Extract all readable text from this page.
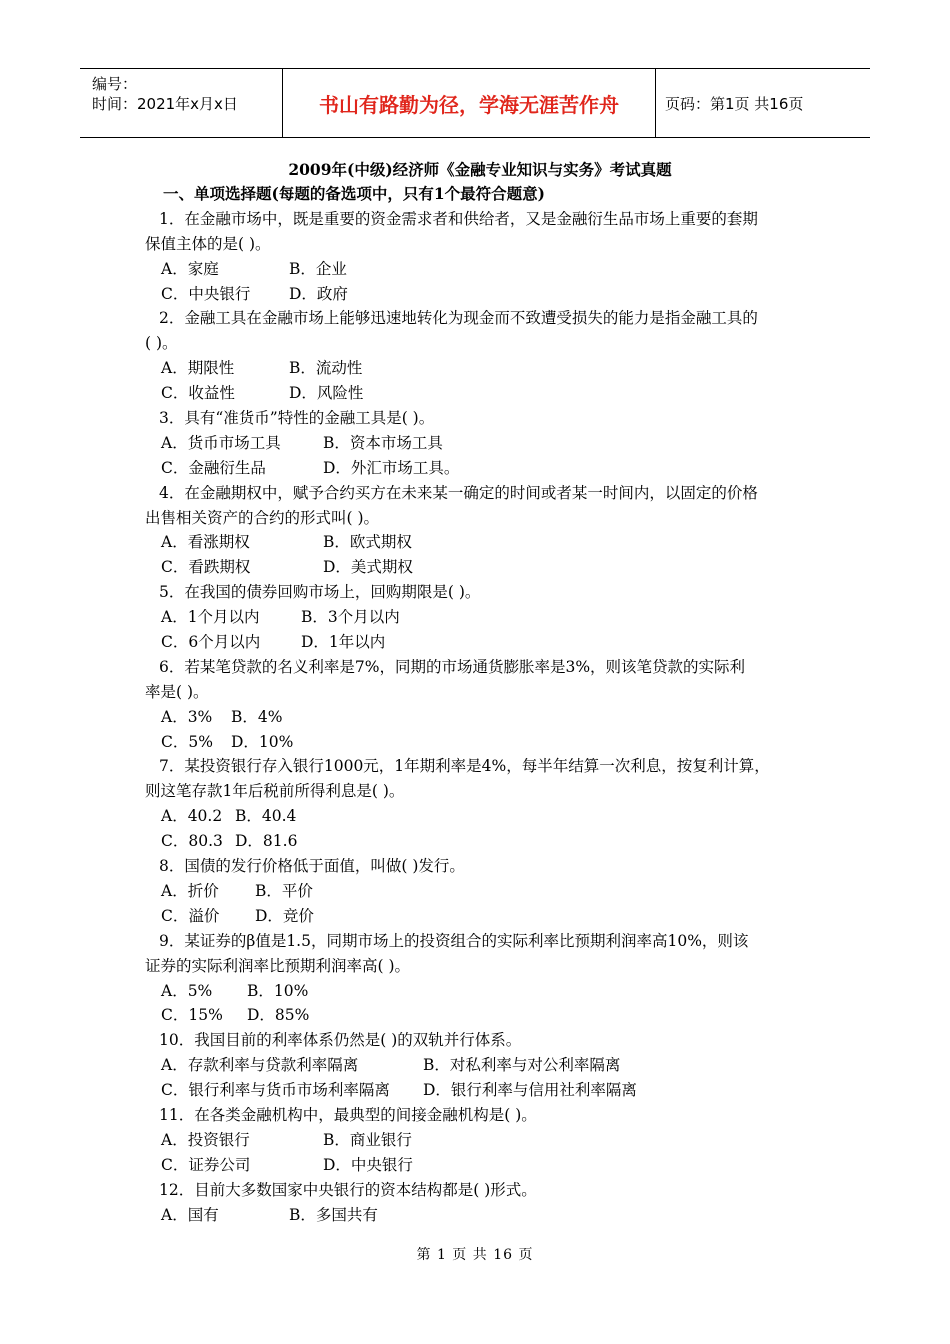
编号：
时间：2021年x月x日	书山有路勤为径，学海无涯苦作舟	页码：第1页 共16页
2009年(中级)经济师《金融专业知识与实务》考试真题
一、单项选择题(每题的备选项中，只有1个最符合题意)
1．在金融市场中，既是重要的资金需求者和供给者，又是金融衍生品市场上重要的套期
保值主体的是( )。
A．家庭	B．企业
C．中央银行 D．政府
2．金融工具在金融市场上能够迅速地转化为现金而不致遭受损失的能力是指金融工具的
( )。
A．期限性	B．流动性
C．收益性	D．风险性
3．具有“准货币”特性的金融工具是( )。
A．货币市场工具	B．资本市场工具
C．金融衍生品	D．外汇市场工具。
4．在金融期权中，赋予合约买方在未来某一确定的时间或者某一时间内，以固定的价格
出售相关资产的合约的形式叫( )。
A．看涨期权	B．欧式期权
C．看跌期权	D．美式期权
5．在我国的债券回购市场上，回购期限是( )。
A．1个月以内	B．3个月以内
C．6个月以内	D．1年以内
6．若某笔贷款的名义利率是7%，同期的市场通货膨胀率是3%，则该笔贷款的实际利
率是( )。
A．3% B．4%
C．5% D．10%
7．某投资银行存入银行1000元，1年期利率是4%，每半年结算一次利息，按复利计算，
则这笔存款1年后税前所得利息是( )。
A．40.2 B．40.4
C．80.3 D．81.6
8．国债的发行价格低于面值，叫做( )发行。
A．折价 B．平价
C．溢价 D．竞价
9．某证券的β值是1.5，同期市场上的投资组合的实际利率比预期利润率高10%，则该
证券的实际利润率比预期利润率高( )。
A．5% B．10%
C．15% D．85%
10．我国目前的利率体系仍然是( )的双轨并行体系。
A．存款利率与贷款利率隔离	B．对私利率与对公利率隔离
C．银行利率与货币市场利率隔离 D．银行利率与信用社利率隔离
11．在各类金融机构中，最典型的间接金融机构是( )。
A．投资银行	B．商业银行
C．证券公司	D．中央银行
12．目前大多数国家中央银行的资本结构都是( )形式。
A．国有	B．多国共有
第 1 页 共 16 页
